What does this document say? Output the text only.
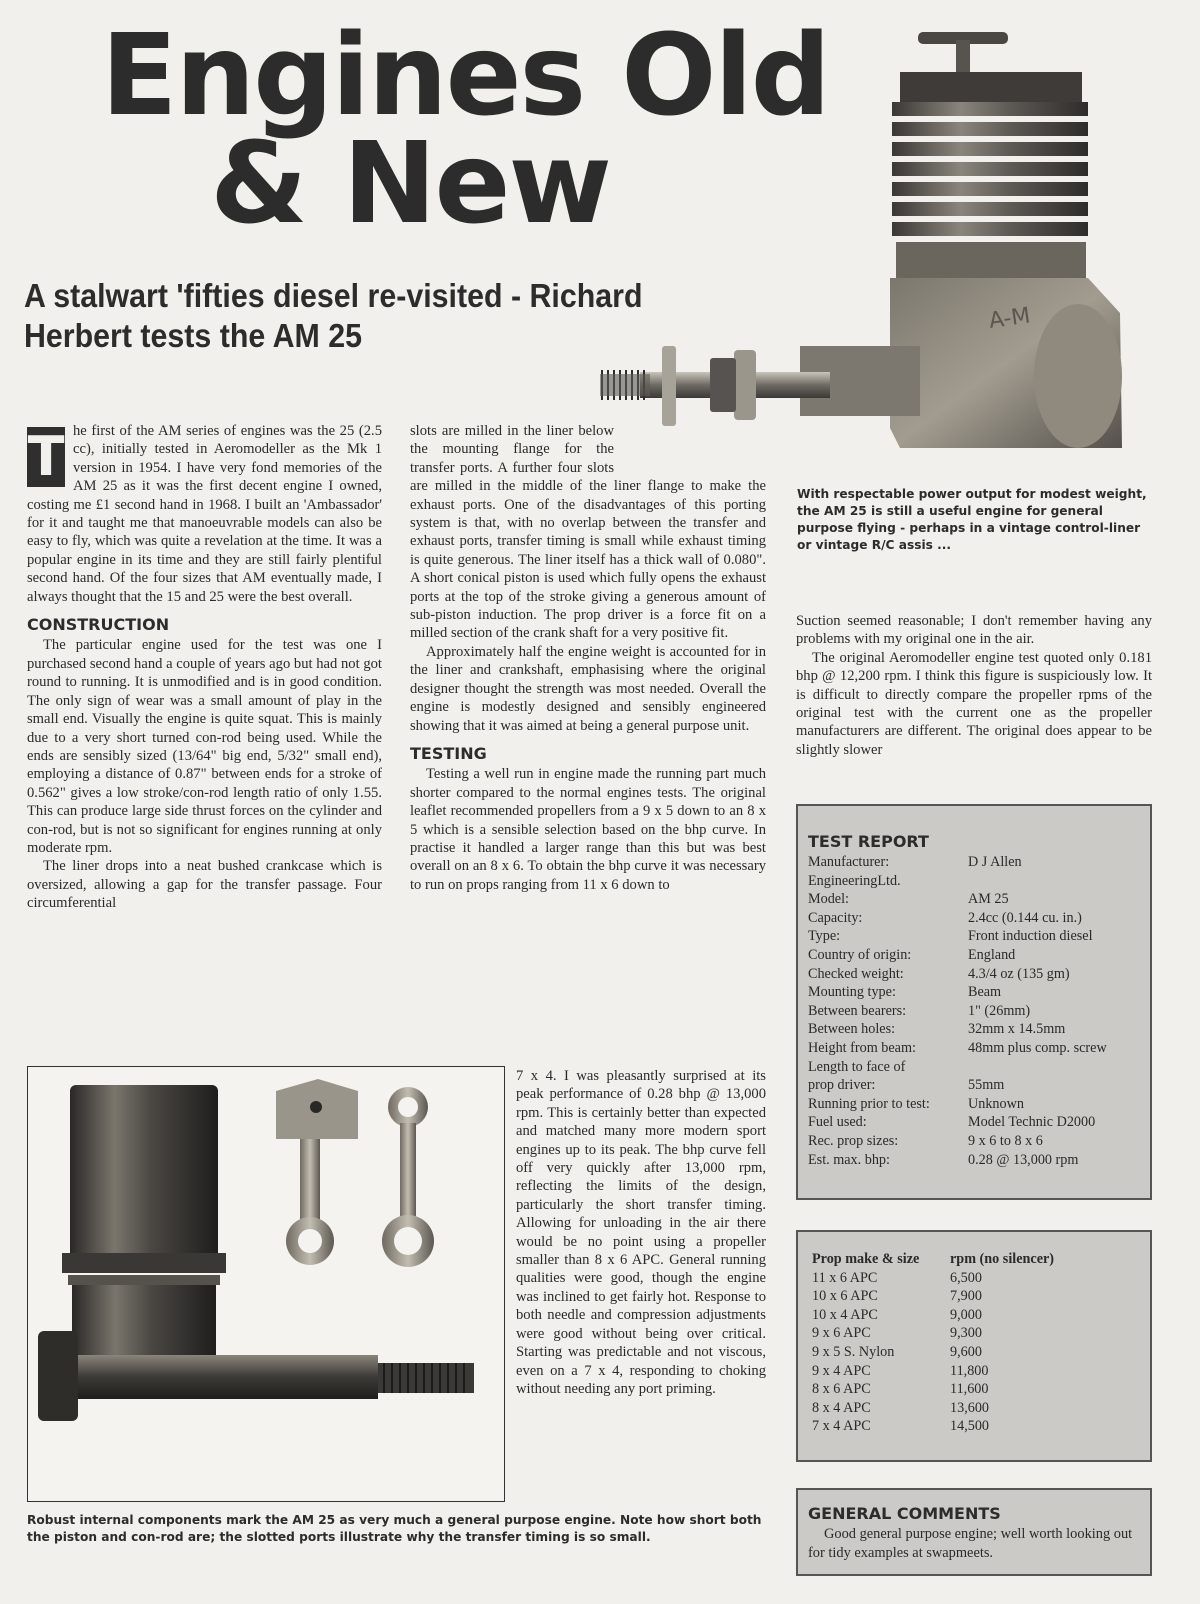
Engines Old
& New
A stalwart 'fifties diesel re-visited - Richard Herbert tests the AM 25	A-M
With respectable power output for modest weight, the AM 25 is still a useful engine for general purpose flying - perhaps in a vintage control-liner or vintage R/C assis ...
T he first of the AM series of engines was the 25 (2.5 cc), initially tested in Aeromodeller as the Mk 1 version in 1954. I have very fond memories of the AM 25 as it was the first decent engine I owned, costing me £1 second hand in 1968. I built an 'Ambassador' for it and taught me that manoeuvrable models can also be easy to fly, which was quite a revelation at the time. It was a popular engine in its time and they are still fairly plentiful second hand. Of the four sizes that AM eventually made, I always thought that the 15 and 25 were the best overall.

CONSTRUCTION

The particular engine used for the test was one I purchased second hand a couple of years ago but had not got round to running. It is unmodified and is in good condition. The only sign of wear was a small amount of play in the small end. Visually the engine is quite squat. This is mainly due to a very short turned con-rod being used. While the ends are sensibly sized (13/64" big end, 5/32" small end), employing a distance of 0.87" between ends for a stroke of 0.562" gives a low stroke/con-rod length ratio of only 1.55. This can produce large side thrust forces on the cylinder and con-rod, but is not so significant for engines running at only moderate rpm.

The liner drops into a neat bushed crankcase which is oversized, allowing a gap for the transfer passage. Four circumferential

slots are milled in the liner below the mounting flange for the transfer ports. A further four slots are milled in the middle of the liner flange to make the exhaust ports. One of the disadvantages of this porting system is that, with no overlap between the transfer and exhaust ports, transfer timing is small while exhaust timing is quite generous. The liner itself has a thick wall of 0.080". A short conical piston is used which fully opens the exhaust ports at the top of the stroke giving a generous amount of sub-piston induction. The prop driver is a force fit on a milled section of the crank shaft for a very positive fit.

Approximately half the engine weight is accounted for in the liner and crankshaft, emphasising where the original designer thought the strength was most needed. Overall the engine is modestly designed and sensibly engineered showing that it was aimed at being a general purpose unit.

TESTING

Testing a well run in engine made the running part much shorter compared to the normal engines tests. The original leaflet recommended propellers from a 9 x 5 down to an 8 x 5 which is a sensible selection based on the bhp curve. In practise it handled a larger range than this but was best overall on an 8 x 6. To obtain the bhp curve it was necessary to run on props ranging from 11 x 6 down to

7 x 4. I was pleasantly surprised at its peak performance of 0.28 bhp @ 13,000 rpm. This is certainly better than expected and matched many more modern sport engines up to its peak. The bhp curve fell off very quickly after 13,000 rpm, reflecting the limits of the design, particularly the short transfer timing. Allowing for unloading in the air there would be no point using a propeller smaller than 8 x 6 APC. General running qualities were good, though the engine was inclined to get fairly hot. Response to both needle and compression adjustments were good without being over critical. Starting was predictable and not viscous, even on a 7 x 4, responding to choking without needing any port priming.

Robust internal components mark the AM 25 as very much a general purpose engine. Note how short both the piston and con-rod are; the slotted ports illustrate why the transfer timing is so small.

Suction seemed reasonable; I don't remember having any problems with my original one in the air.

The original Aeromodeller engine test quoted only 0.181 bhp @ 12,200 rpm. I think this figure is suspiciously low. It is difficult to directly compare the propeller rpms of the original test with the current one as the propeller manufacturers are different. The original does appear to be slightly slower

TEST REPORT
Manufacturer:	D J Allen
EngineeringLtd.
Model:	AM 25
Capacity:	2.4cc (0.144 cu. in.)
Type:	Front induction diesel
Country of origin:	England
Checked weight:	4.3/4 oz (135 gm)
Mounting type:	Beam
Between bearers:	1" (26mm)
Between holes:	32mm x 14.5mm
Height from beam:	48mm plus comp. screw
Length to face of
prop driver:	55mm
Running prior to test:	Unknown
Fuel used:	Model Technic D2000
Rec. prop sizes:	9 x 6 to 8 x 6
Est. max. bhp:	0.28 @ 13,000 rpm
Prop make & size	rpm (no silencer)
11 x 6 APC	6,500
10 x 6 APC	7,900
10 x 4 APC	9,000
9 x 6 APC	9,300
9 x 5 S. Nylon	9,600
9 x 4 APC	11,800
8 x 6 APC	11,600
8 x 4 APC	13,600
7 x 4 APC	14,500
GENERAL COMMENTS
Good general purpose engine; well worth looking out for tidy examples at swapmeets.
